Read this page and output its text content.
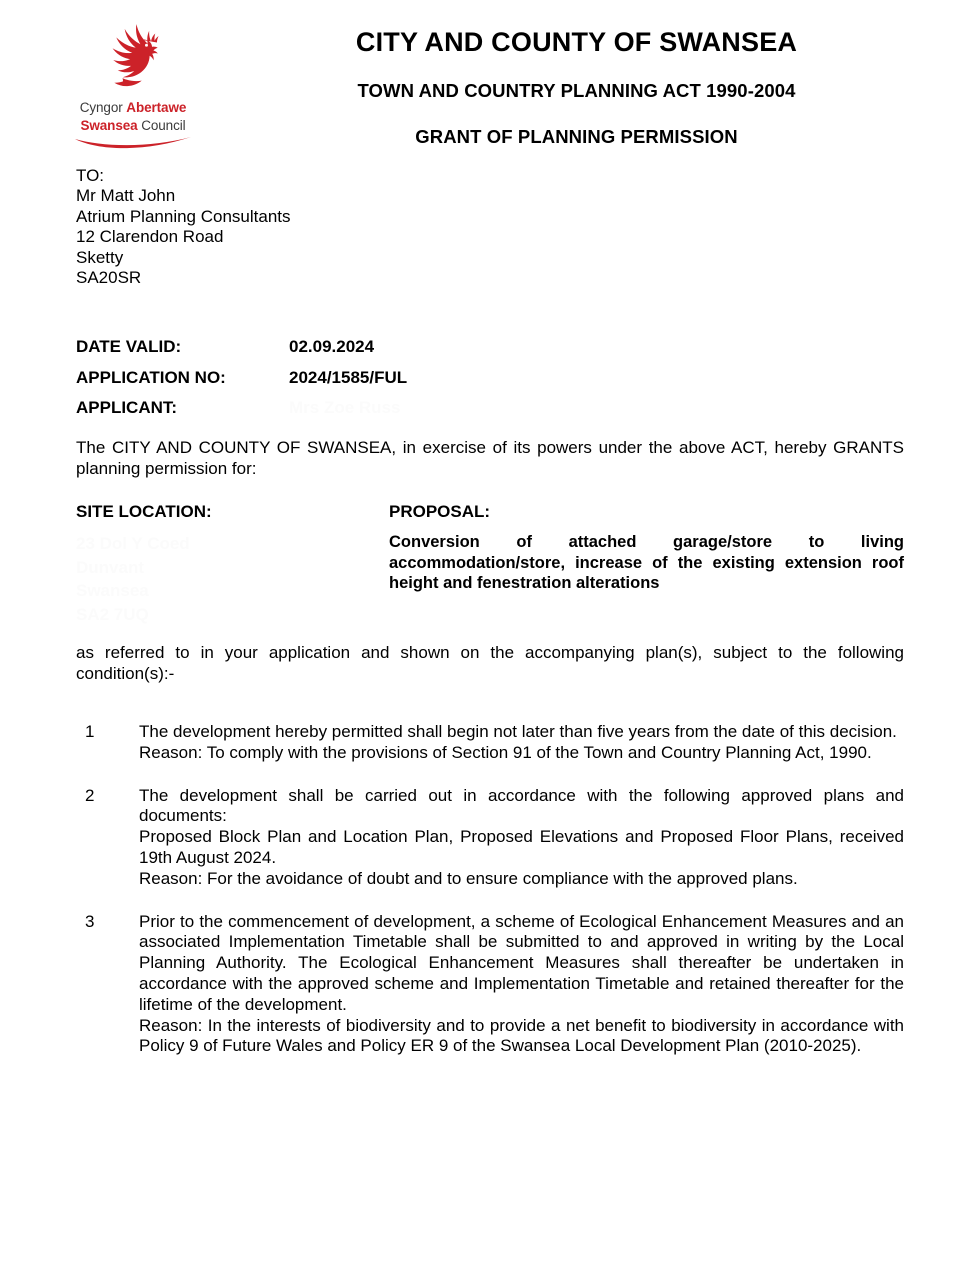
Cyngor Abertawe
Swansea Council
CITY AND COUNTY OF SWANSEA
TOWN AND COUNTRY PLANNING ACT 1990-2004
GRANT OF PLANNING PERMISSION
TO:
Mr Matt John
Atrium Planning Consultants
12 Clarendon Road
Sketty
SA20SR
DATE VALID:	02.09.2024
APPLICATION NO:	2024/1585/FUL
APPLICANT:	Mrs Zoe Russ
The CITY AND COUNTY OF SWANSEA, in exercise of its powers under the above ACT, hereby GRANTS planning permission for:
SITE LOCATION:
23 Dol Y Coed
Dunvant
Swansea
SA2 7UQ
PROPOSAL:
Conversion of attached garage/store to living accommodation/store, increase of the existing extension roof height and fenestration alterations
as referred to in your application and shown on the accompanying plan(s), subject to the following condition(s):-
1	The development hereby permitted shall begin not later than five years from the date of this decision.

Reason: To comply with the provisions of Section 91 of the Town and Country Planning Act, 1990.

2	The development shall be carried out in accordance with the following approved plans and documents:

Proposed Block Plan and Location Plan, Proposed Elevations and Proposed Floor Plans, received 19th August 2024.

Reason: For the avoidance of doubt and to ensure compliance with the approved plans.

3	Prior to the commencement of development, a scheme of Ecological Enhancement Measures and an associated Implementation Timetable shall be submitted to and approved in writing by the Local Planning Authority. The Ecological Enhancement Measures shall thereafter be undertaken in accordance with the approved scheme and Implementation Timetable and retained thereafter for the lifetime of the development.

Reason: In the interests of biodiversity and to provide a net benefit to biodiversity in accordance with Policy 9 of Future Wales and Policy ER 9 of the Swansea Local Development Plan (2010-2025).
